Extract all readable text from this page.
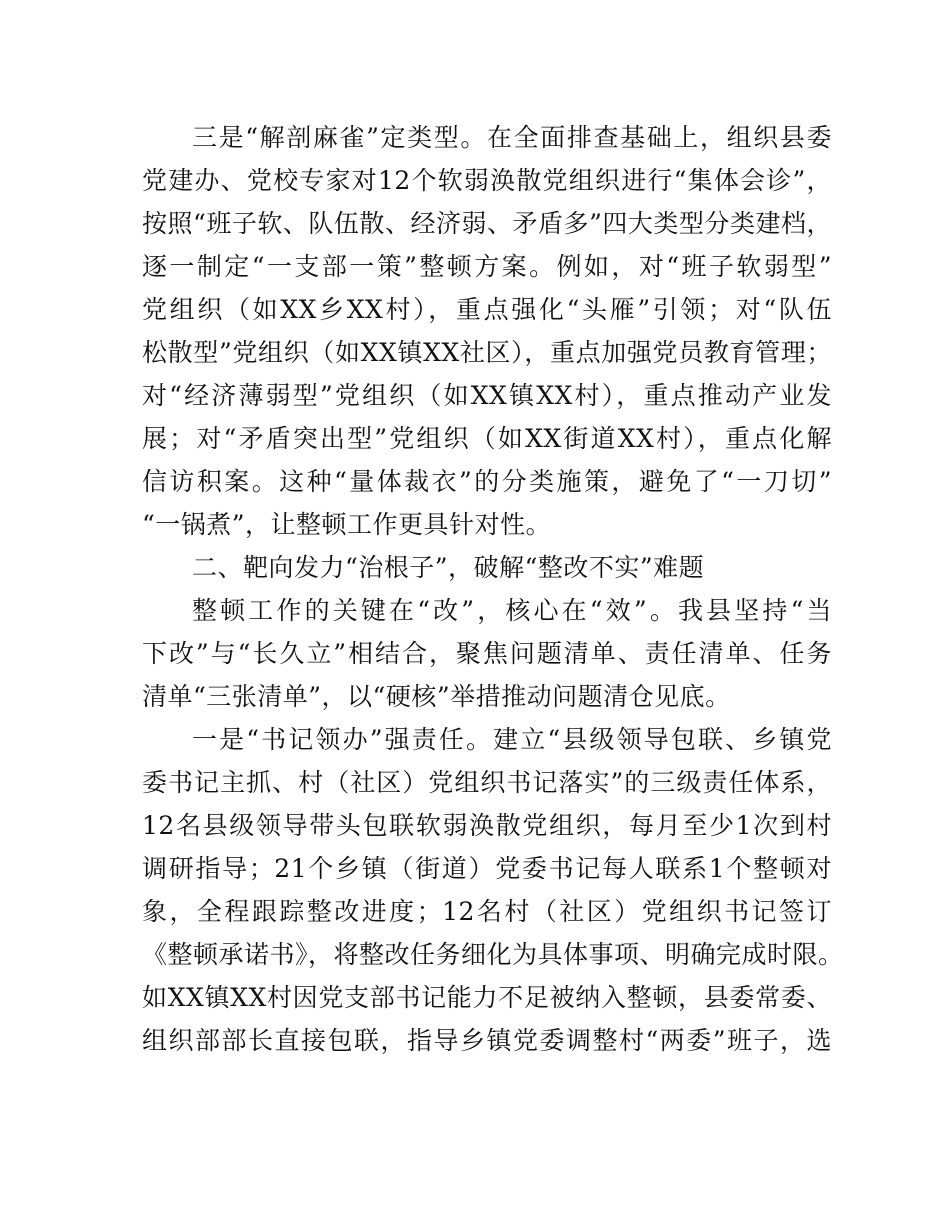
三是“解剖麻雀”定类型。在全面排查基础上，组织县委
党建办、党校专家对12个软弱涣散党组织进行“集体会诊”，
按照“班子软、队伍散、经济弱、矛盾多”四大类型分类建档，
逐一制定“一支部一策”整顿方案。例如，对“班子软弱型”
党组织（如XX乡XX村），重点强化“头雁”引领；对“队伍
松散型”党组织（如XX镇XX社区），重点加强党员教育管理；
对“经济薄弱型”党组织（如XX镇XX村），重点推动产业发
展；对“矛盾突出型”党组织（如XX街道XX村），重点化解
信访积案。这种“量体裁衣”的分类施策，避免了“一刀切”
“一锅煮”，让整顿工作更具针对性。
二、靶向发力“治根子”，破解“整改不实”难题
整顿工作的关键在“改”，核心在“效”。我县坚持“当
下改”与“长久立”相结合，聚焦问题清单、责任清单、任务
清单“三张清单”，以“硬核”举措推动问题清仓见底。
一是“书记领办”强责任。建立“县级领导包联、乡镇党
委书记主抓、村（社区）党组织书记落实”的三级责任体系，
12名县级领导带头包联软弱涣散党组织，每月至少1次到村
调研指导；21个乡镇（街道）党委书记每人联系1个整顿对
象，全程跟踪整改进度；12名村（社区）党组织书记签订
《整顿承诺书》，将整改任务细化为具体事项、明确完成时限。
如XX镇XX村因党支部书记能力不足被纳入整顿，县委常委、
组织部部长直接包联，指导乡镇党委调整村“两委”班子，选
